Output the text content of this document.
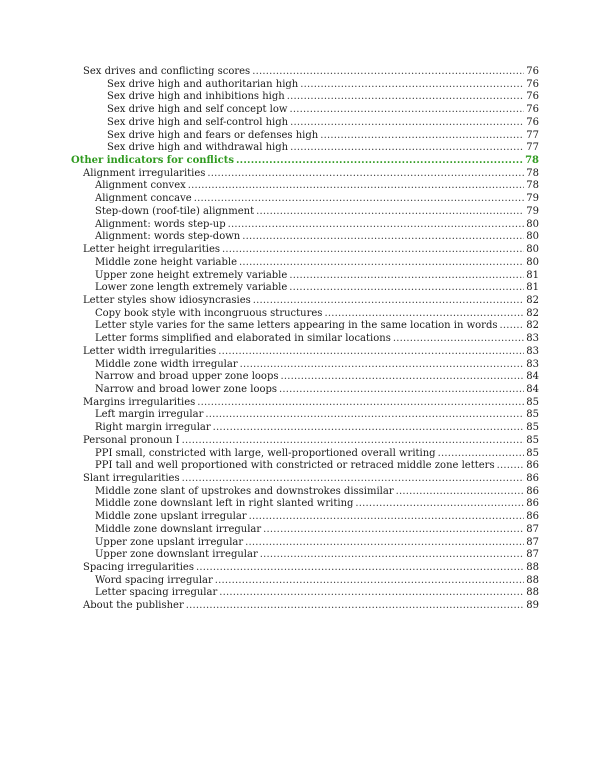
Sex drives and conflicting scores .....	76
Sex drive high and authoritarian high .....	76
Sex drive high and inhibitions high .....	76
Sex drive high and self concept low .....	76
Sex drive high and self-control high .....	76
Sex drive high and fears or defenses high .....	77
Sex drive high and withdrawal high .....	77
Other indicators for conflicts .....	78
Alignment irregularities .....	78
Alignment convex .....	78
Alignment concave .....	79
Step-down (roof-tile) alignment .....	79
Alignment: words step-up .....	80
Alignment: words step-down .....	80
Letter height irregularities .....	80
Middle zone height variable .....	80
Upper zone height extremely variable .....	81
Lower zone length extremely variable .....	81
Letter styles show idiosyncrasies .....	82
Copy book style with incongruous structures .....	82
Letter style varies for the same letters appearing in the same location in words .....	82
Letter forms simplified and elaborated in similar locations .....	83
Letter width irregularities .....	83
Middle zone width irregular .....	83
Narrow and broad upper zone loops .....	84
Narrow and broad lower zone loops .....	84
Margins irregularities .....	85
Left margin irregular .....	85
Right margin irregular .....	85
Personal pronoun I .....	85
PPI small, constricted with large, well-proportioned overall writing .....	85
PPI tall and well proportioned with constricted or retraced middle zone letters .....	86
Slant irregularities .....	86
Middle zone slant of upstrokes and downstrokes dissimilar .....	86
Middle zone downslant left in right slanted writing .....	86
Middle zone upslant irregular .....	86
Middle zone downslant irregular .....	87
Upper zone upslant irregular .....	87
Upper zone downslant irregular .....	87
Spacing irregularities .....	88
Word spacing irregular .....	88
Letter spacing irregular .....	88
About the publisher .....	89
